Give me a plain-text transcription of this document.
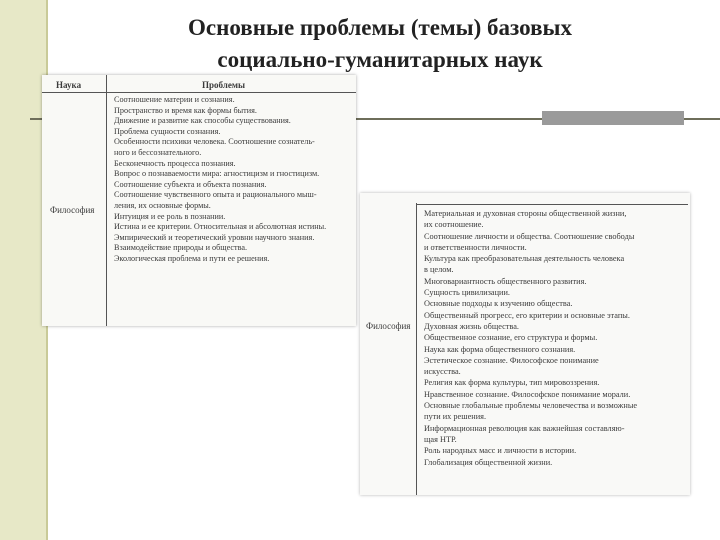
Основные проблемы (темы) базовых
социально-гуманитарных наук
Наука	Проблемы
Философия
Соотношение материи и сознания.
Пространство и время как формы бытия.
Движение и развитие как способы существования.
Проблема сущности сознания.
Особенности психики человека. Соотношение сознатель-
ного и бессознательного.
Бесконечность процесса познания.
Вопрос о познаваемости мира: агностицизм и гностицизм.
Соотношение субъекта и объекта познания.
Соотношение чувственного опыта и рационального мыш-
ления, их основные формы.
Интуиция и ее роль в познании.
Истина и ее критерии. Относительная и абсолютная истины.
Эмпирический и теоретический уровни научного знания.
Взаимодействие природы и общества.
Экологическая проблема и пути ее решения.
Философия
Материальная и духовная стороны общественной жизни,
их соотношение.
Соотношение личности и общества. Соотношение свободы
и ответственности личности.
Культура как преобразовательная деятельность человека
в целом.
Многовариантность общественного развития.
Сущность цивилизации.
Основные подходы к изучению общества.
Общественный прогресс, его критерии и основные этапы.
Духовная жизнь общества.
Общественное сознание, его структура и формы.
Наука как форма общественного сознания.
Эстетическое сознание. Философское понимание
искусства.
Религия как форма культуры, тип мировоззрения.
Нравственное сознание. Философское понимание морали.
Основные глобальные проблемы человечества и возможные
пути их решения.
Информационная революция как важнейшая составляю-
щая НТР.
Роль народных масс и личности в истории.
Глобализация общественной жизни.
